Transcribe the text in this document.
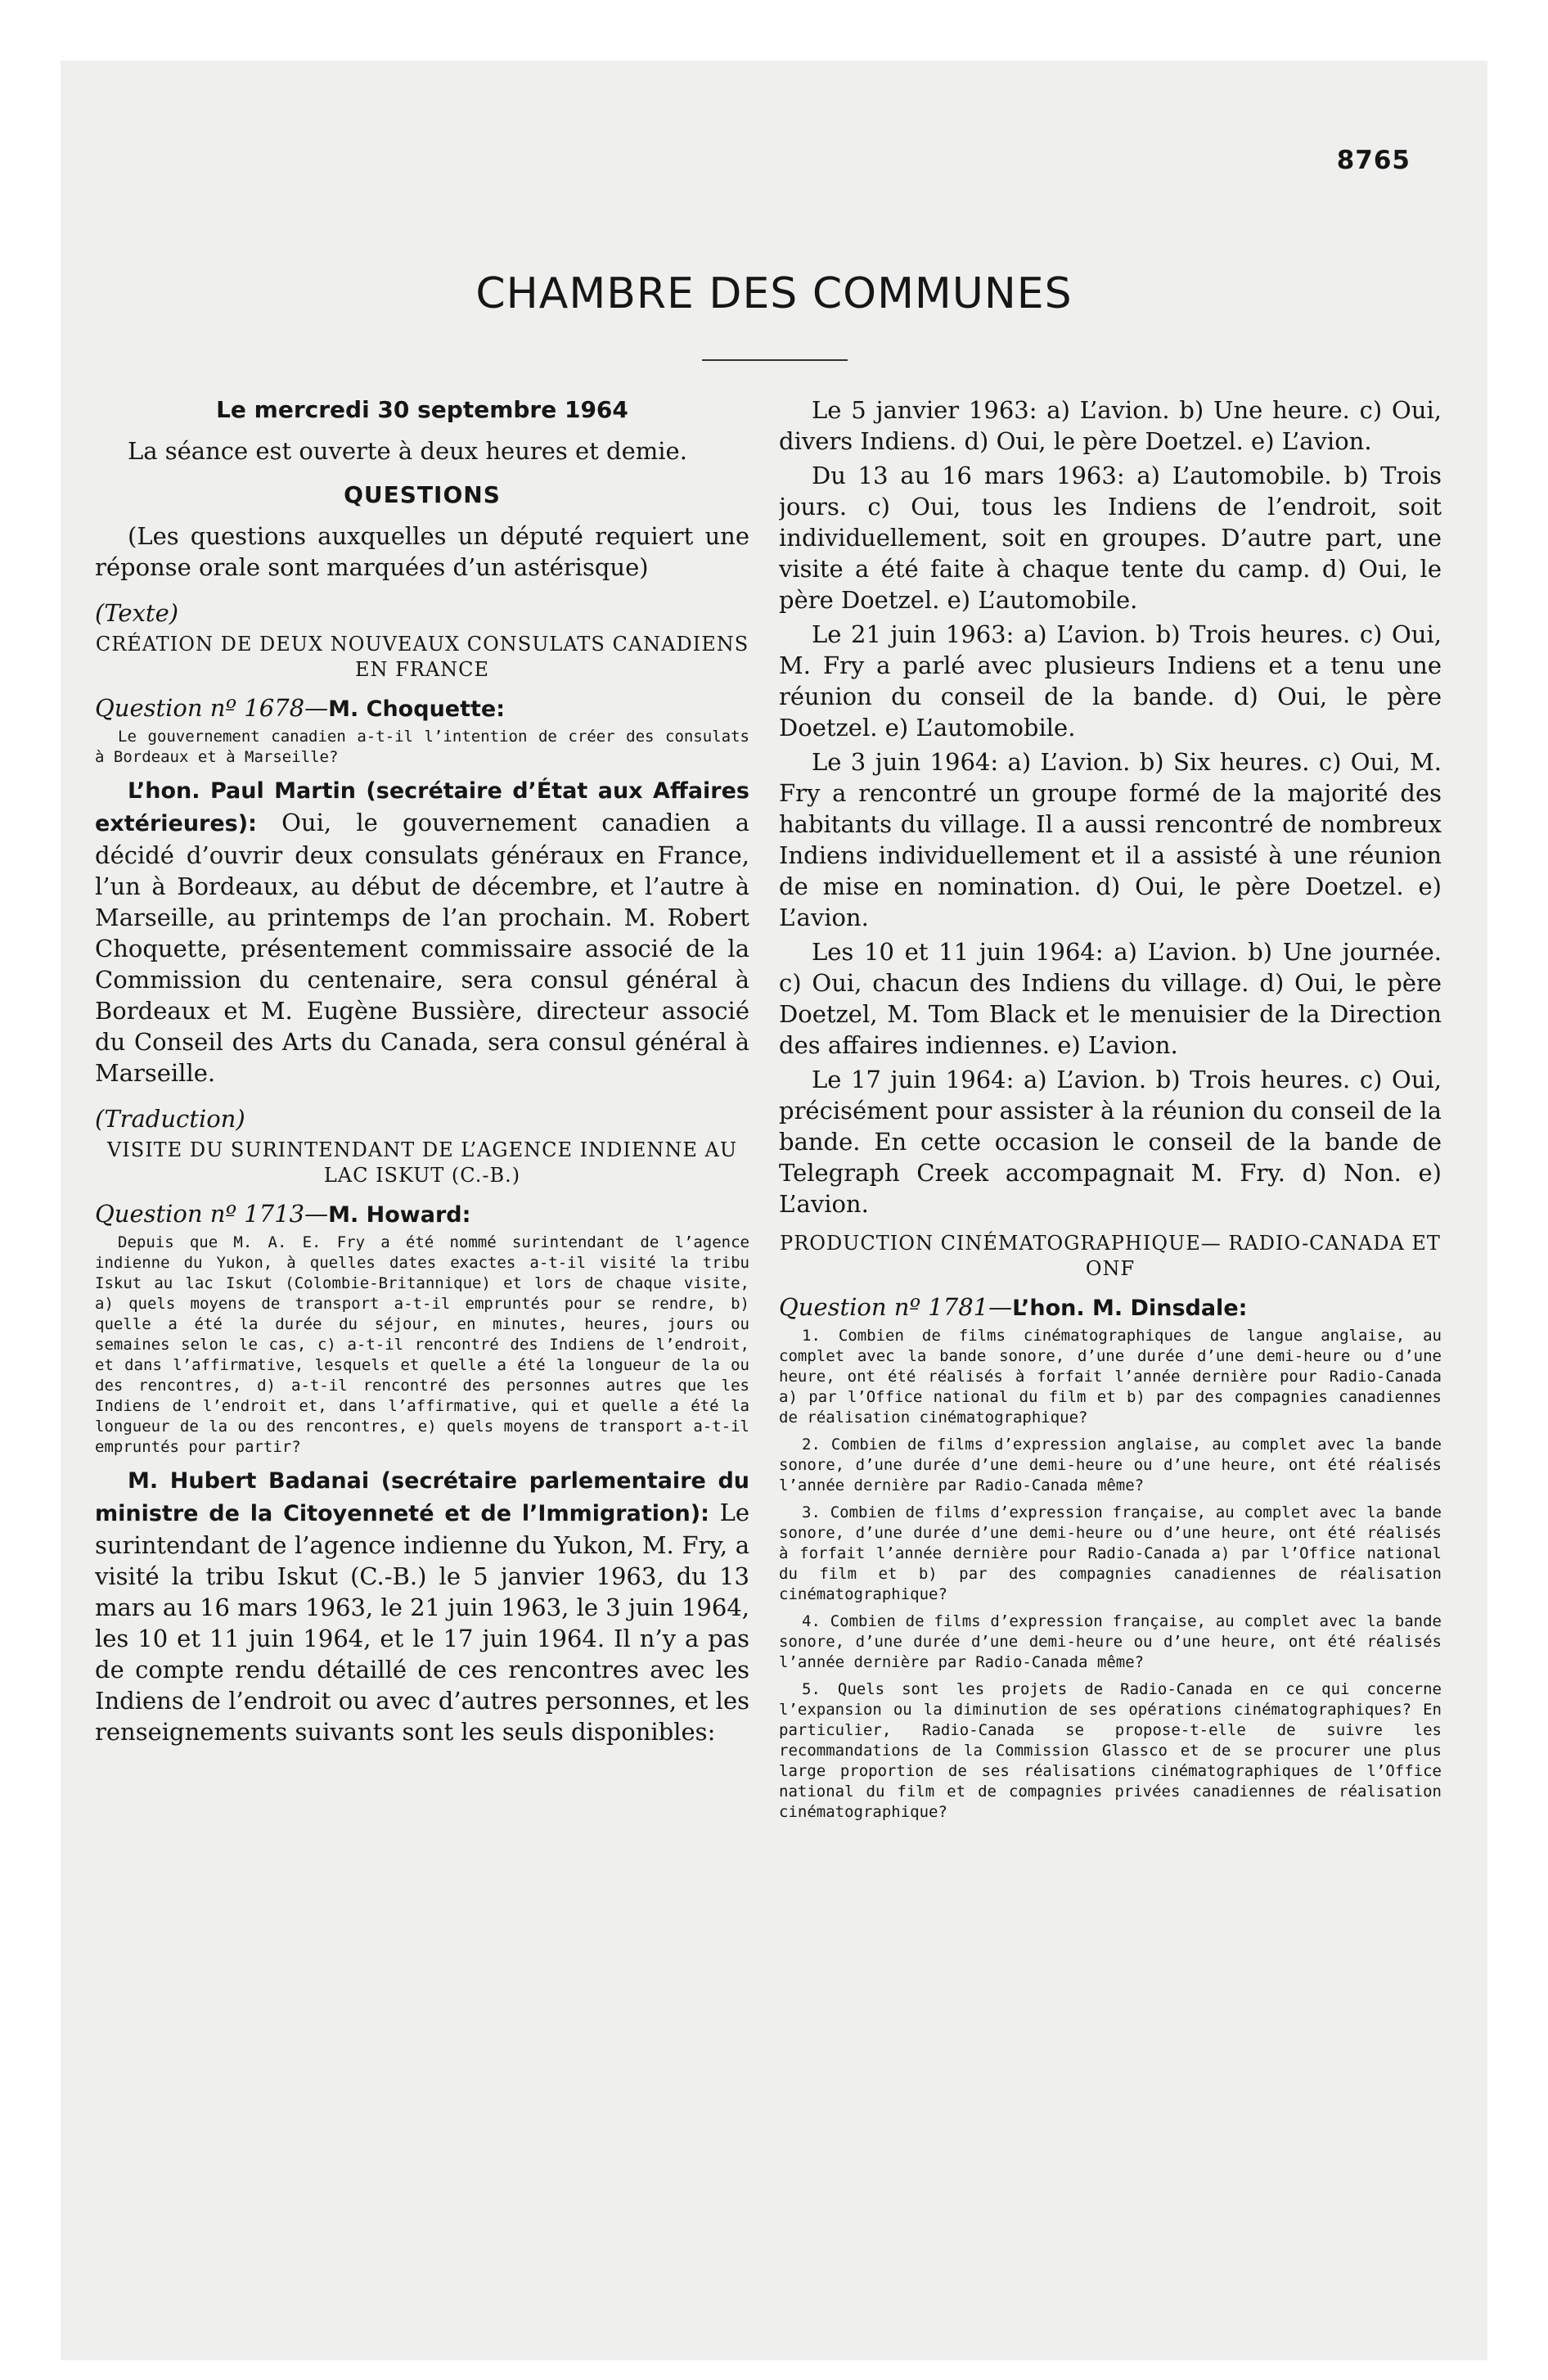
8765
CHAMBRE DES COMMUNES
Le mercredi 30 septembre 1964

La séance est ouverte à deux heures et demie.

QUESTIONS

(Les questions auxquelles un député requiert une réponse orale sont marquées d’un astérisque)

(Texte)
CRÉATION DE DEUX NOUVEAUX CONSULATS CANADIENS EN FRANCE
Question nº 1678—M. Choquette:
Le gouvernement canadien a-t-il l’intention de créer des consulats à Bordeaux et à Marseille?

L’hon. Paul Martin (secrétaire d’État aux Affaires extérieures): Oui, le gouvernement canadien a décidé d’ouvrir deux consulats généraux en France, l’un à Bordeaux, au début de décembre, et l’autre à Marseille, au printemps de l’an prochain. M. Robert Choquette, présentement commissaire associé de la Commission du centenaire, sera consul général à Bordeaux et M. Eugène Bussière, directeur associé du Conseil des Arts du Canada, sera consul général à Marseille.

(Traduction)
VISITE DU SURINTENDANT DE L’AGENCE INDIENNE AU LAC ISKUT (C.-B.)
Question nº 1713—M. Howard:
Depuis que M. A. E. Fry a été nommé surintendant de l’agence indienne du Yukon, à quelles dates exactes a-t-il visité la tribu Iskut au lac Iskut (Colombie-Britannique) et lors de chaque visite, a) quels moyens de transport a-t-il empruntés pour se rendre, b) quelle a été la durée du séjour, en minutes, heures, jours ou semaines selon le cas, c) a-t-il rencontré des Indiens de l’endroit, et dans l’affirmative, lesquels et quelle a été la longueur de la ou des rencontres, d) a-t-il rencontré des personnes autres que les Indiens de l’endroit et, dans l’affirmative, qui et quelle a été la longueur de la ou des rencontres, e) quels moyens de transport a-t-il empruntés pour partir?

M. Hubert Badanai (secrétaire parlementaire du ministre de la Citoyenneté et de l’Immigration): Le surintendant de l’agence indienne du Yukon, M. Fry, a visité la tribu Iskut (C.-B.) le 5 janvier 1963, du 13 mars au 16 mars 1963, le 21 juin 1963, le 3 juin 1964, les 10 et 11 juin 1964, et le 17 juin 1964. Il n’y a pas de compte rendu détaillé de ces rencontres avec les Indiens de l’endroit ou avec d’autres personnes, et les renseignements suivants sont les seuls disponibles:

Le 5 janvier 1963: a) L’avion. b) Une heure. c) Oui, divers Indiens. d) Oui, le père Doetzel. e) L’avion.

Du 13 au 16 mars 1963: a) L’automobile. b) Trois jours. c) Oui, tous les Indiens de l’endroit, soit individuellement, soit en groupes. D’autre part, une visite a été faite à chaque tente du camp. d) Oui, le père Doetzel. e) L’automobile.

Le 21 juin 1963: a) L’avion. b) Trois heures. c) Oui, M. Fry a parlé avec plusieurs Indiens et a tenu une réunion du conseil de la bande. d) Oui, le père Doetzel. e) L’automobile.

Le 3 juin 1964: a) L’avion. b) Six heures. c) Oui, M. Fry a rencontré un groupe formé de la majorité des habitants du village. Il a aussi rencontré de nombreux Indiens individuellement et il a assisté à une réunion de mise en nomination. d) Oui, le père Doetzel. e) L’avion.

Les 10 et 11 juin 1964: a) L’avion. b) Une journée. c) Oui, chacun des Indiens du village. d) Oui, le père Doetzel, M. Tom Black et le menuisier de la Direction des affaires indiennes. e) L’avion.

Le 17 juin 1964: a) L’avion. b) Trois heures. c) Oui, précisément pour assister à la réunion du conseil de la bande. En cette occasion le conseil de la bande de Telegraph Creek accompagnait M. Fry. d) Non. e) L’avion.

PRODUCTION CINÉMATOGRAPHIQUE— RADIO-CANADA ET ONF
Question nº 1781—L’hon. M. Dinsdale:
1. Combien de films cinématographiques de langue anglaise, au complet avec la bande sonore, d’une durée d’une demi-heure ou d’une heure, ont été réalisés à forfait l’année dernière pour Radio-Canada a) par l’Office national du film et b) par des compagnies canadiennes de réalisation cinématographique?
2. Combien de films d’expression anglaise, au complet avec la bande sonore, d’une durée d’une demi-heure ou d’une heure, ont été réalisés l’année dernière par Radio-Canada même?
3. Combien de films d’expression française, au complet avec la bande sonore, d’une durée d’une demi-heure ou d’une heure, ont été réalisés à forfait l’année dernière pour Radio-Canada a) par l’Office national du film et b) par des compagnies canadiennes de réalisation cinématographique?
4. Combien de films d’expression française, au complet avec la bande sonore, d’une durée d’une demi-heure ou d’une heure, ont été réalisés l’année dernière par Radio-Canada même?
5. Quels sont les projets de Radio-Canada en ce qui concerne l’expansion ou la diminution de ses opérations cinématographiques? En particulier, Radio-Canada se propose-t-elle de suivre les recommandations de la Commission Glassco et de se procurer une plus large proportion de ses réalisations cinématographiques de l’Office national du film et de compagnies privées canadiennes de réalisation cinématographique?
